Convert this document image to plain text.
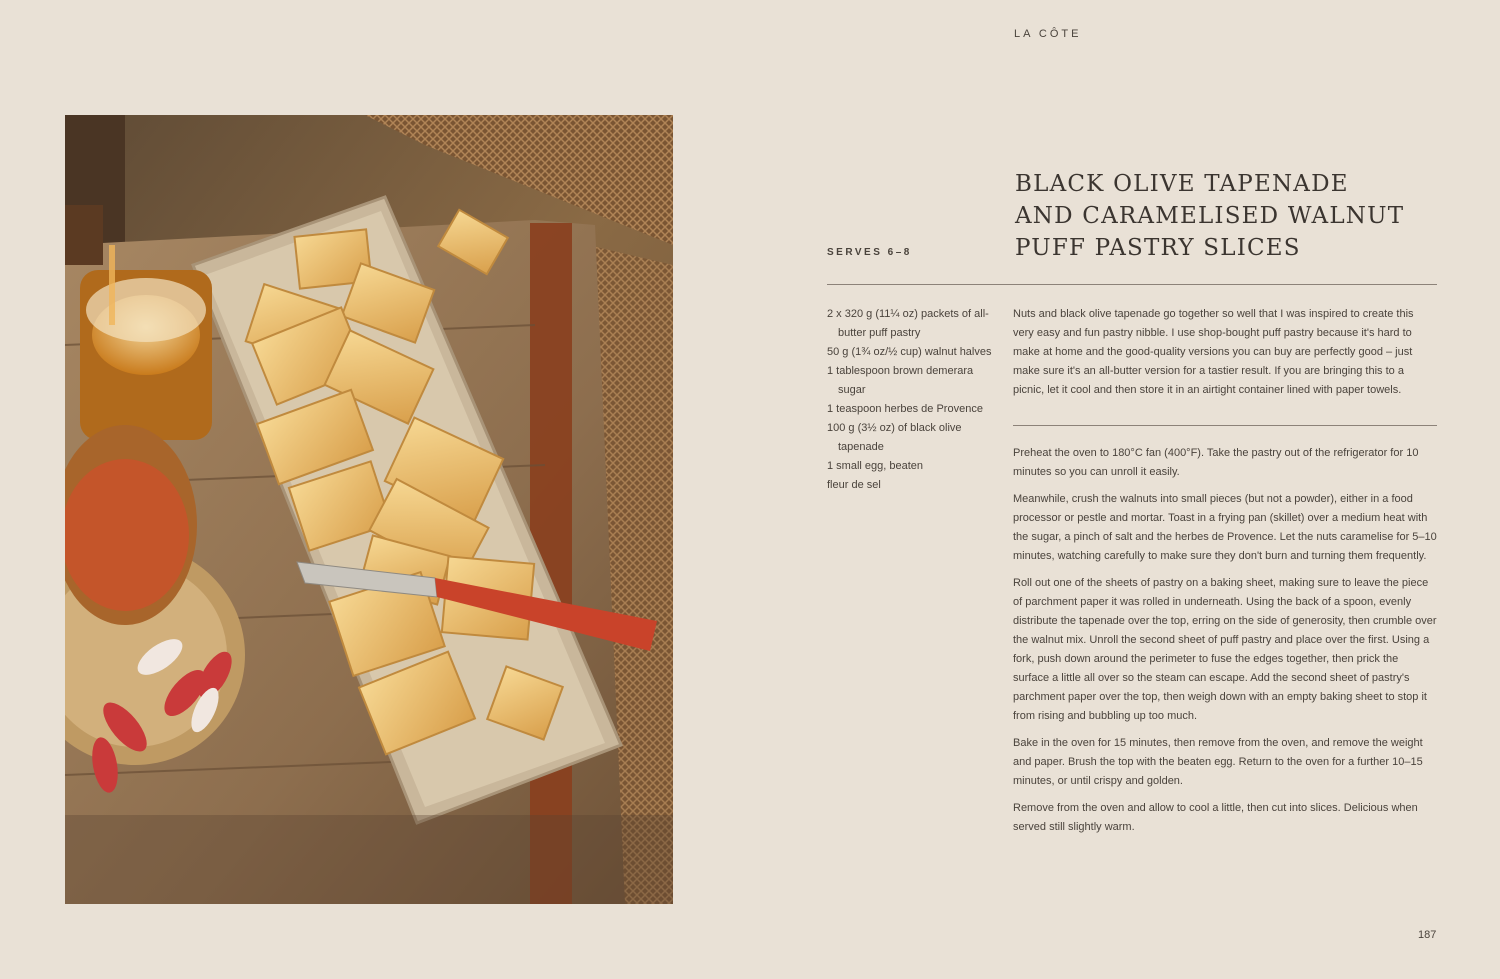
LA CÔTE
SERVES 6–8
BLACK OLIVE TAPENADE
AND CARAMELISED WALNUT
PUFF PASTRY SLICES
2 x 320 g (11¼ oz) packets of all-butter puff pastry
50 g (1¾ oz/½ cup) walnut halves
1 tablespoon brown demerara sugar
1 teaspoon herbes de Provence
100 g (3½ oz) of black olive tapenade
1 small egg, beaten
fleur de sel
Nuts and black olive tapenade go together so well that I was inspired to create this very easy and fun pastry nibble. I use shop-bought puff pastry because it's hard to make at home and the good-quality versions you can buy are perfectly good – just make sure it's an all-butter version for a tastier result. If you are bringing this to a picnic, let it cool and then store it in an airtight container lined with paper towels.

Preheat the oven to 180°C fan (400°F). Take the pastry out of the refrigerator for 10 minutes so you can unroll it easily.

Meanwhile, crush the walnuts into small pieces (but not a powder), either in a food processor or pestle and mortar. Toast in a frying pan (skillet) over a medium heat with the sugar, a pinch of salt and the herbes de Provence. Let the nuts caramelise for 5–10 minutes, watching carefully to make sure they don't burn and turning them frequently.

Roll out one of the sheets of pastry on a baking sheet, making sure to leave the piece of parchment paper it was rolled in underneath. Using the back of a spoon, evenly distribute the tapenade over the top, erring on the side of generosity, then crumble over the walnut mix. Unroll the second sheet of puff pastry and place over the first. Using a fork, push down around the perimeter to fuse the edges together, then prick the surface a little all over so the steam can escape. Add the second sheet of pastry's parchment paper over the top, then weigh down with an empty baking sheet to stop it from rising and bubbling up too much.

Bake in the oven for 15 minutes, then remove from the oven, and remove the weight and paper. Brush the top with the beaten egg. Return to the oven for a further 10–15 minutes, or until crispy and golden.

Remove from the oven and allow to cool a little, then cut into slices. Delicious when served still slightly warm.

187
